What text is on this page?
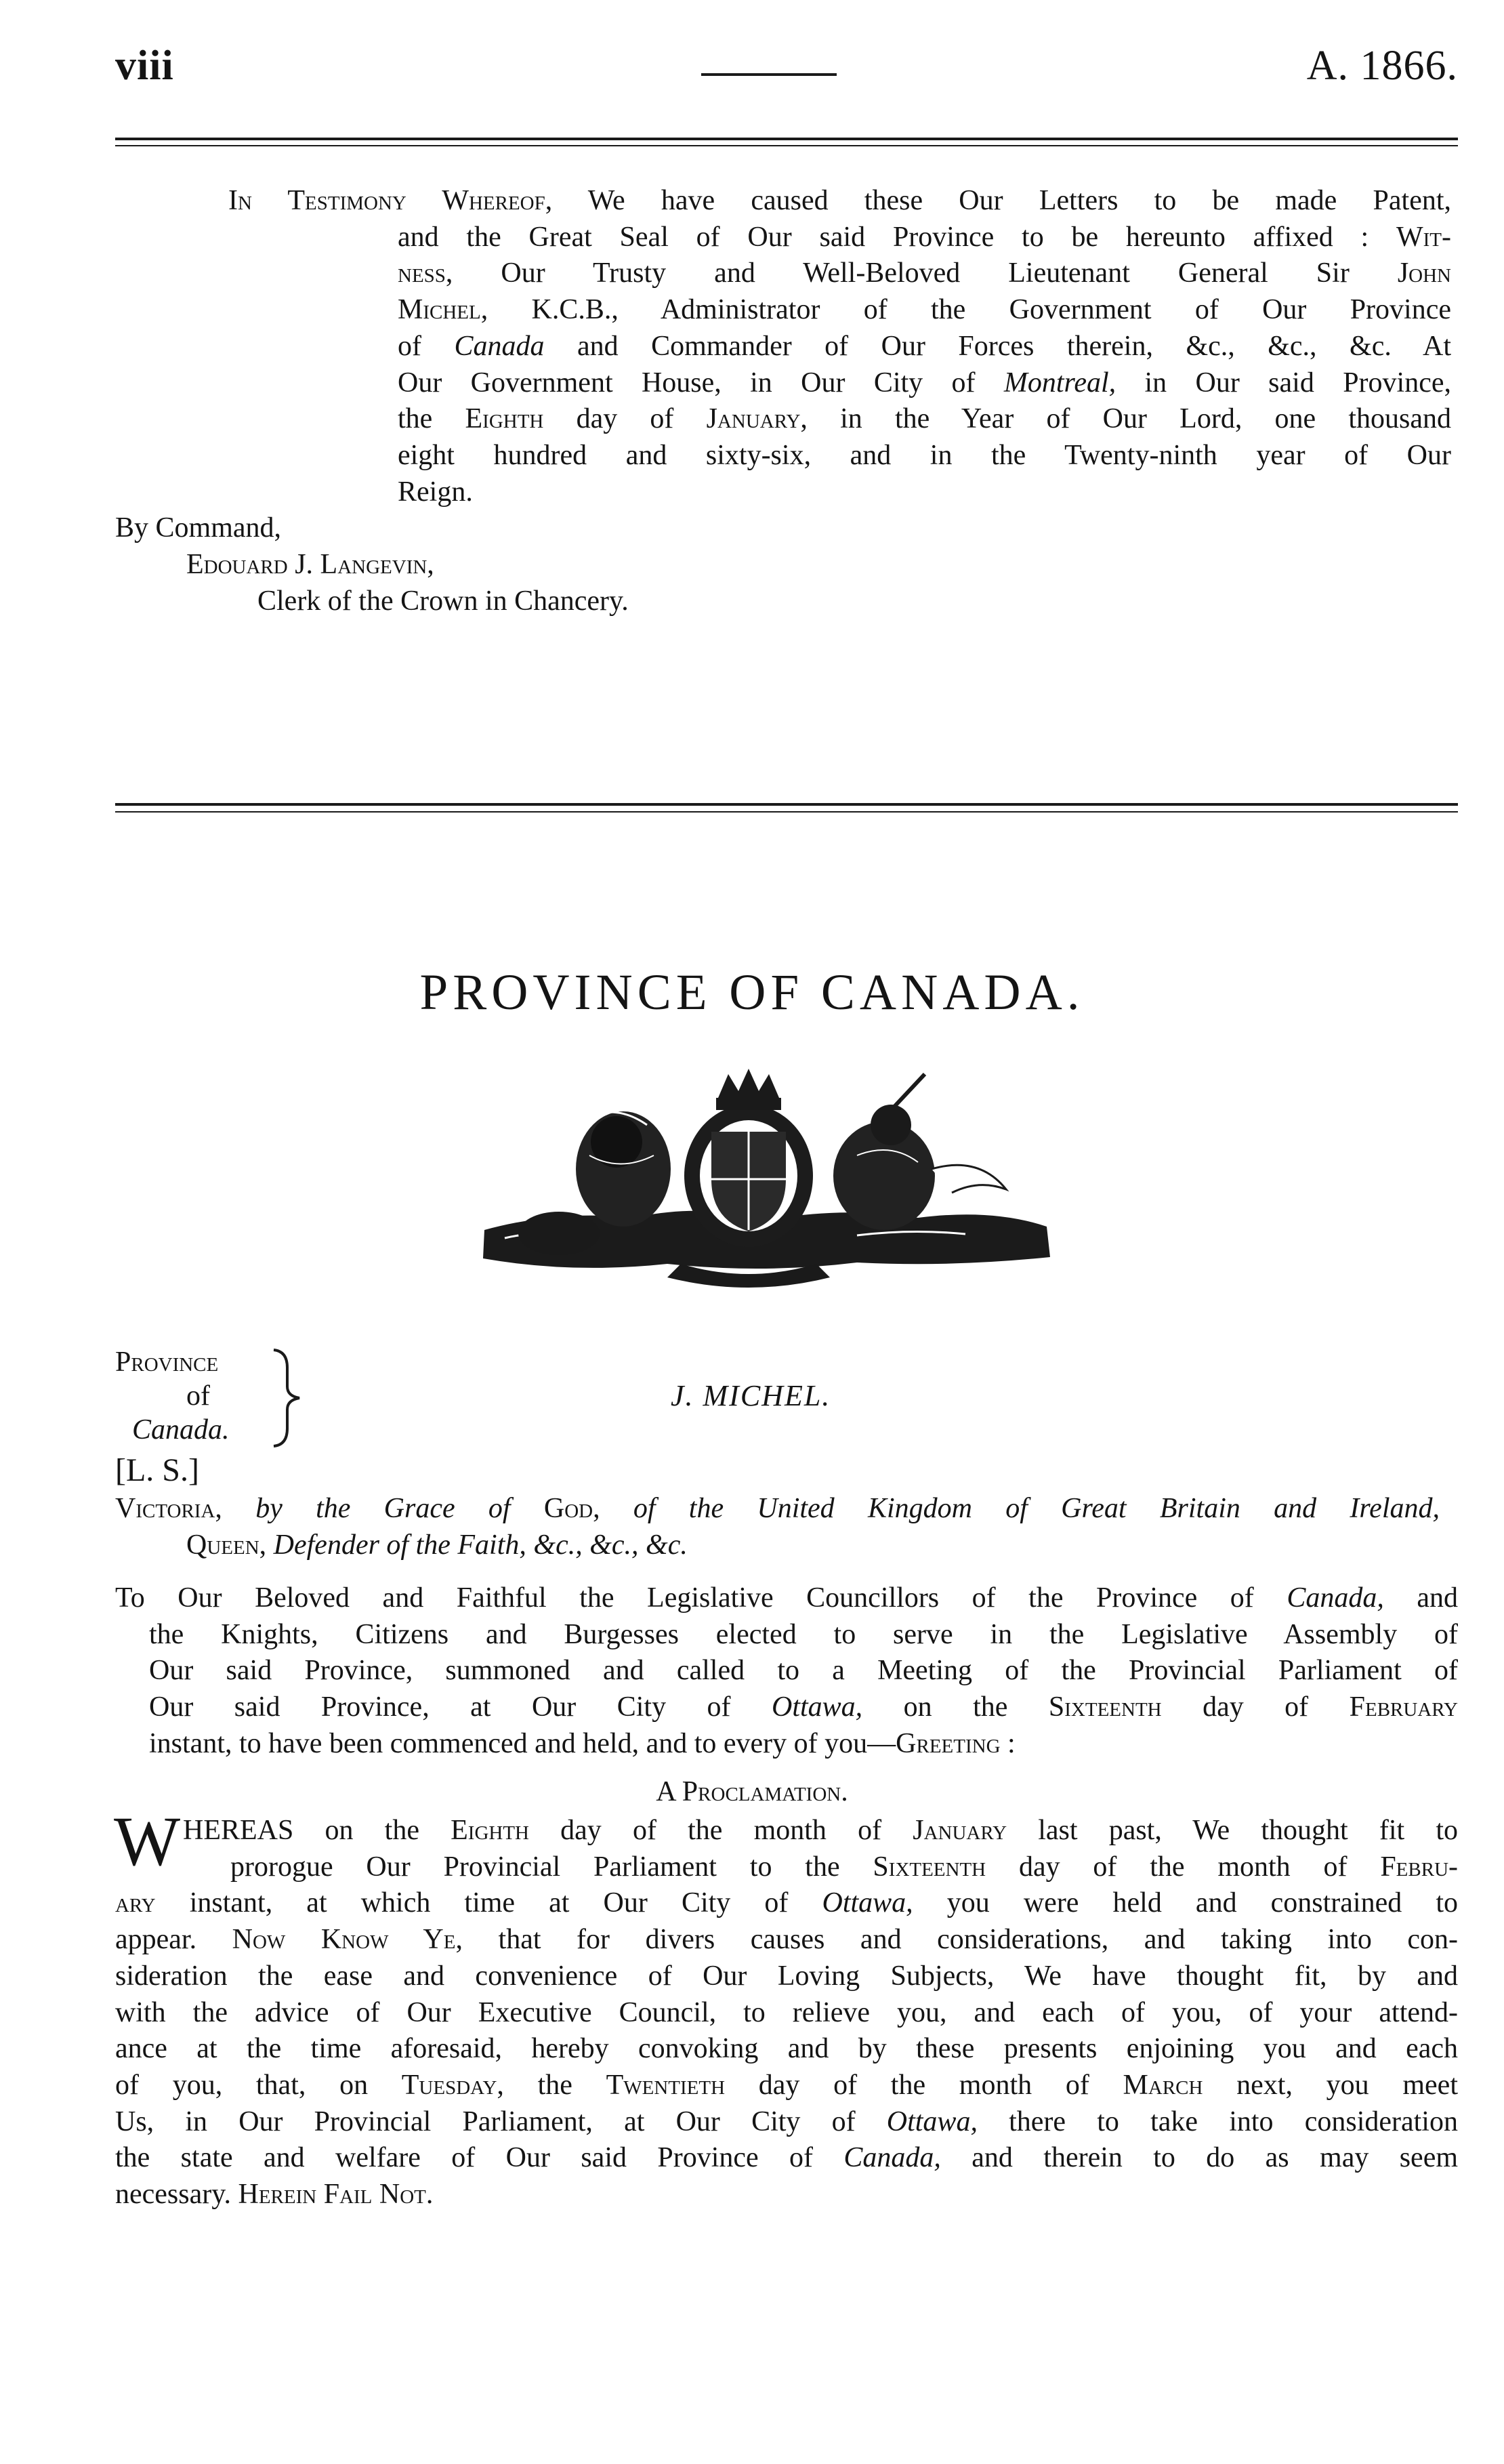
viii	A. 1866.
In Testimony Whereof, We have caused these Our Letters to be made Patent,
and the Great Seal of Our said Province to be hereunto affixed : Wit-
ness, Our Trusty and Well-Beloved Lieutenant General Sir John
Michel, K.C.B., Administrator of the Government of Our Province
of Canada and Commander of Our Forces therein, &c., &c., &c. At
Our Government House, in Our City of Montreal, in Our said Province,
the Eighth day of January, in the Year of Our Lord, one thousand
eight hundred and sixty-six, and in the Twenty-ninth year of Our
Reign.
By Command,
Edouard J. Langevin,
Clerk of the Crown in Chancery.
PROVINCE OF CANADA.
Province
of
Canada.
J. MICHEL.
[L. S.]
Victoria, by the Grace of God, of the United Kingdom of Great Britain and Ireland,
Queen, Defender of the Faith, &c., &c., &c.
To Our Beloved and Faithful the Legislative Councillors of the Province of Canada, and
the Knights, Citizens and Burgesses elected to serve in the Legislative Assembly of
Our said Province, summoned and called to a Meeting of the Provincial Parliament of
Our said Province, at Our City of Ottawa, on the Sixteenth day of February
instant, to have been commenced and held, and to every of you—Greeting :
A Proclamation.
W HEREAS on the Eighth day of the month of January last past, We thought fit to
prorogue Our Provincial Parliament to the Sixteenth day of the month of Febru-
ary instant, at which time at Our City of Ottawa, you were held and constrained to
appear. Now Know Ye, that for divers causes and considerations, and taking into con-
sideration the ease and convenience of Our Loving Subjects, We have thought fit, by and
with the advice of Our Executive Council, to relieve you, and each of you, of your attend-
ance at the time aforesaid, hereby convoking and by these presents enjoining you and each
of you, that, on Tuesday, the Twentieth day of the month of March next, you meet
Us, in Our Provincial Parliament, at Our City of Ottawa, there to take into consideration
the state and welfare of Our said Province of Canada, and therein to do as may seem
necessary. Herein Fail Not.
